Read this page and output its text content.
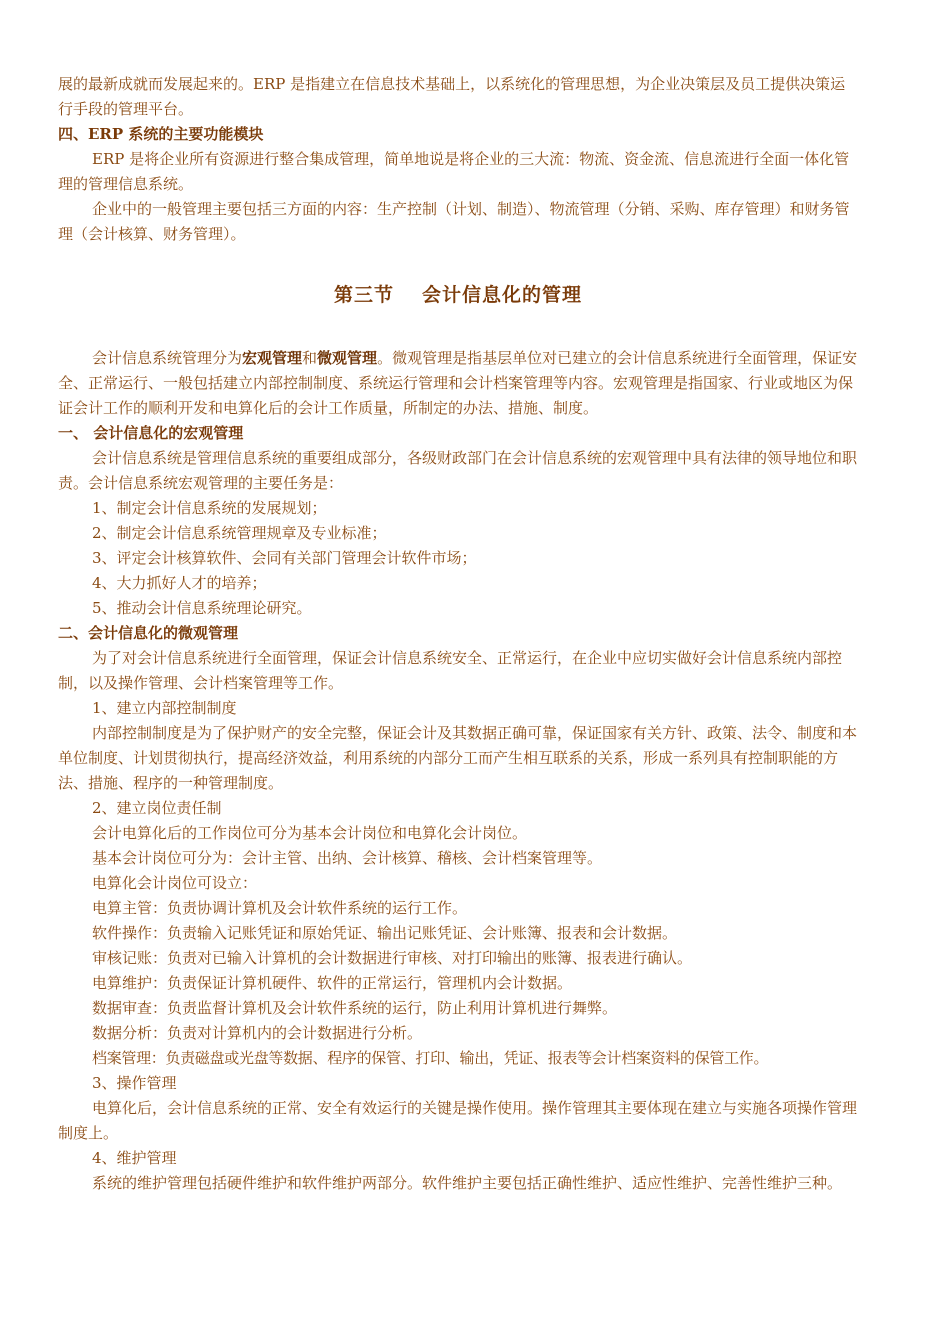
展的最新成就而发展起来的。ERP 是指建立在信息技术基础上，以系统化的管理思想，为企业决策层及员工提供决策运行手段的管理平台。

四、ERP 系统的主要功能模块

ERP 是将企业所有资源进行整合集成管理，简单地说是将企业的三大流：物流、资金流、信息流进行全面一体化管理的管理信息系统。

企业中的一般管理主要包括三方面的内容：生产控制（计划、制造）、物流管理（分销、采购、库存管理）和财务管理（会计核算、财务管理）。

第三节 会计信息化的管理

会计信息系统管理分为宏观管理和微观管理。微观管理是指基层单位对已建立的会计信息系统进行全面管理，保证安全、正常运行、一般包括建立内部控制制度、系统运行管理和会计档案管理等内容。宏观管理是指国家、行业或地区为保证会计工作的顺利开发和电算化后的会计工作质量，所制定的办法、措施、制度。

一、 会计信息化的宏观管理

会计信息系统是管理信息系统的重要组成部分，各级财政部门在会计信息系统的宏观管理中具有法律的领导地位和职责。会计信息系统宏观管理的主要任务是：

1、制定会计信息系统的发展规划；

2、制定会计信息系统管理规章及专业标准；

3、评定会计核算软件、会同有关部门管理会计软件市场；

4、大力抓好人才的培养；

5、推动会计信息系统理论研究。

二、会计信息化的微观管理

为了对会计信息系统进行全面管理，保证会计信息系统安全、正常运行，在企业中应切实做好会计信息系统内部控制，以及操作管理、会计档案管理等工作。

1、建立内部控制制度

内部控制制度是为了保护财产的安全完整，保证会计及其数据正确可靠，保证国家有关方针、政策、法令、制度和本单位制度、计划贯彻执行，提高经济效益，利用系统的内部分工而产生相互联系的关系，形成一系列具有控制职能的方法、措施、程序的一种管理制度。

2、建立岗位责任制

会计电算化后的工作岗位可分为基本会计岗位和电算化会计岗位。

基本会计岗位可分为：会计主管、出纳、会计核算、稽核、会计档案管理等。

电算化会计岗位可设立：

电算主管：负责协调计算机及会计软件系统的运行工作。

软件操作：负责输入记账凭证和原始凭证、输出记账凭证、会计账簿、报表和会计数据。

审核记账：负责对已输入计算机的会计数据进行审核、对打印输出的账簿、报表进行确认。

电算维护：负责保证计算机硬件、软件的正常运行，管理机内会计数据。

数据审查：负责监督计算机及会计软件系统的运行，防止利用计算机进行舞弊。

数据分析：负责对计算机内的会计数据进行分析。

档案管理：负责磁盘或光盘等数据、程序的保管、打印、输出，凭证、报表等会计档案资料的保管工作。

3、操作管理

电算化后，会计信息系统的正常、安全有效运行的关键是操作使用。操作管理其主要体现在建立与实施各项操作管理制度上。

4、维护管理

系统的维护管理包括硬件维护和软件维护两部分。软件维护主要包括正确性维护、适应性维护、完善性维护三种。
